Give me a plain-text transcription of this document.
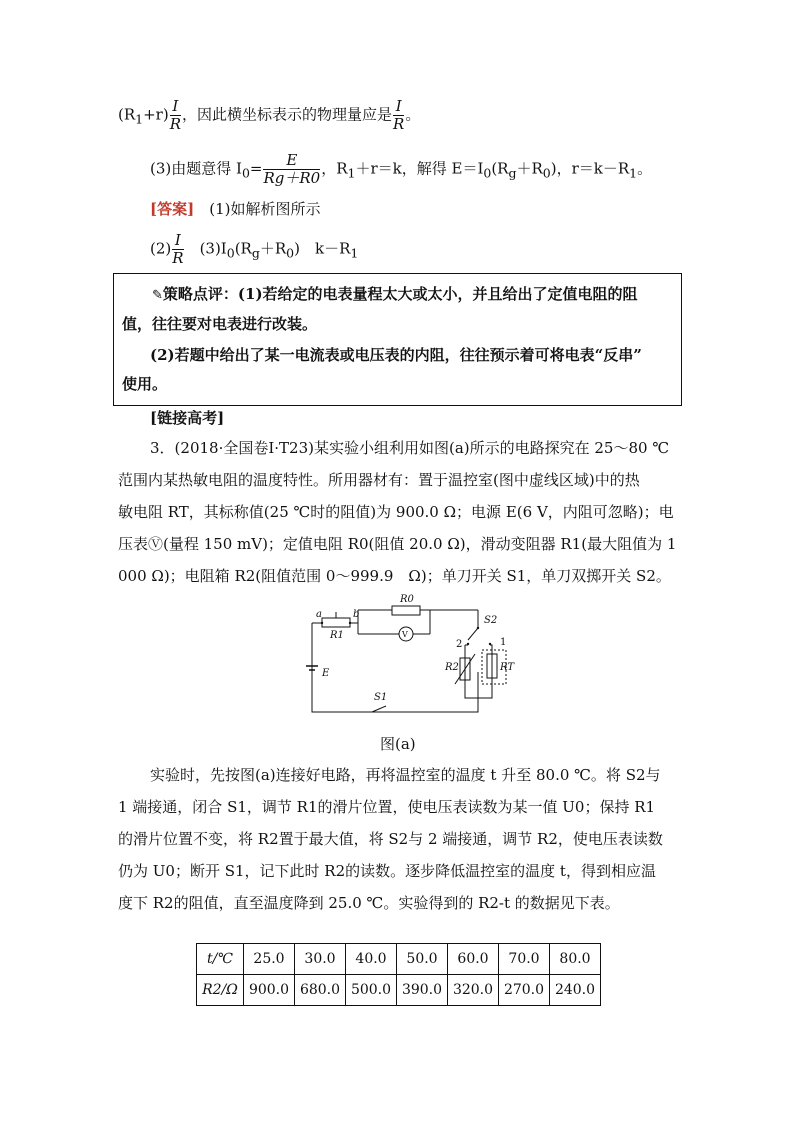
$(R_1+r) \frac{I}{R}$ ，因此横坐标表示的物理量应是 $\frac{I}{R}$ 。
(3)由题意得 $I_0= \frac{E}{Rg+R0}$ ，$R_1+r=k$，解得 $E=I_0(R_g+R_0)$，$r=k-R_1$。
[答案]　 (1)如解析图所示
$(2) \frac{I}{R}$
　 $(3)I_0(R_g+R_0)$　$k-R_1$
✎策略点评：(1)若给定的电表量程太大或太小，并且给出了定值电阻的阻
值，往往要对电表进行改装。
(2)若题中给出了某一电流表或电压表的内阻，往往预示着可将电表“反串”
使用。
[链接高考]
3．(2018·全国卷Ⅰ·T23)某实验小组利用如图(a)所示的电路探究在 25～80 ℃
范围内某热敏电阻的温度特性。所用器材有：置于温控室(图中虚线区域)中的热
敏电阻 RT，其标称值(25 ℃时的阻值)为 900.0 Ω；电源 E(6 V，内阻可忽略)；电
压表Ⓥ(量程 150 mV)；定值电阻 R0(阻值 20.0 Ω)，滑动变阻器 R1(最大阻值为 1
000 Ω)；电阻箱 R2(阻值范围 0～999.9　Ω)；单刀开关 S1，单刀双掷开关 S2。
a	b
R1
R0
V
S2
2	1
R2	RT
E
S1
图(a)
实验时，先按图(a)连接好电路，再将温控室的温度 t 升至 80.0 ℃。将 S2与
1 端接通，闭合 S1，调节 R1的滑片位置，使电压表读数为某一值 U0；保持 R1
的滑片位置不变，将 R2置于最大值，将 S2与 2 端接通，调节 R2，使电压表读数
仍为 U0；断开 S1，记下此时 R2的读数。逐步降低温控室的温度 t，得到相应温
度下 R2的阻值，直至温度降到 25.0 ℃。实验得到的 R2-t 的数据见下表。
t/℃	25.0	30.0	40.0	50.0	60.0	70.0	80.0
R2/Ω	900.0	680.0	500.0	390.0	320.0	270.0	240.0
